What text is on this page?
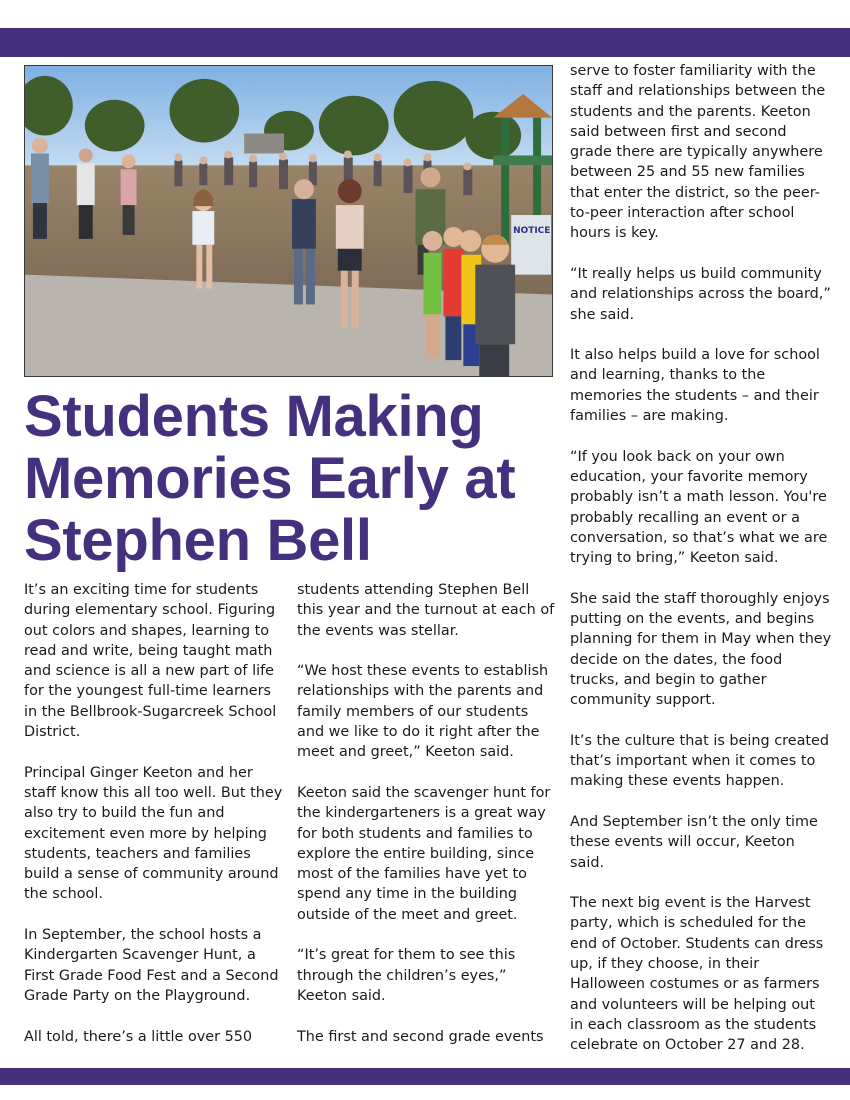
NOTICE
Students Making
Memories Early at
Stephen Bell

It’s an exciting time for students during elementary school. Figuring out colors and shapes, learning to read and write, being taught math and science is all a new part of life for the youngest full-time learners in the Bellbrook-Sugarcreek School District.

Principal Ginger Keeton and her staff know this all too well. But they also try to build the fun and excitement even more by helping students, teachers and families build a sense of community around the school.

In September, the school hosts a Kindergarten Scavenger Hunt, a First Grade Food Fest and a Second Grade Party on the Playground.

All told, there’s a little over 550

students attending Stephen Bell this year and the turnout at each of the events was stellar.

“We host these events to establish relationships with the parents and family members of our students and we like to do it right after the meet and greet,” Keeton said.

Keeton said the scavenger hunt for the kindergarteners is a great way for both students and families to explore the entire building, since most of the families have yet to spend any time in the building outside of the meet and greet.

“It’s great for them to see this through the children’s eyes,” Keeton said.

The first and second grade events

serve to foster familiarity with the staff and relationships between the students and the parents. Keeton said between first and second grade there are typically anywhere between 25 and 55 new families that enter the district, so the peer-to-peer interaction after school hours is key.

“It really helps us build community and relationships across the board,” she said.

It also helps build a love for school and learning, thanks to the memories the students – and their families – are making.

“If you look back on your own education, your favorite memory probably isn’t a math lesson. You're probably recalling an event or a conversation, so that’s what we are trying to bring,” Keeton said.

She said the staff thoroughly enjoys putting on the events, and begins planning for them in May when they decide on the dates, the food trucks, and begin to gather community support.

It’s the culture that is being created that’s important when it comes to making these events happen.

And September isn’t the only time these events will occur, Keeton said.

The next big event is the Harvest party, which is scheduled for the end of October. Students can dress up, if they choose, in their Halloween costumes or as farmers and volunteers will be helping out in each classroom as the students celebrate on October 27 and 28.
